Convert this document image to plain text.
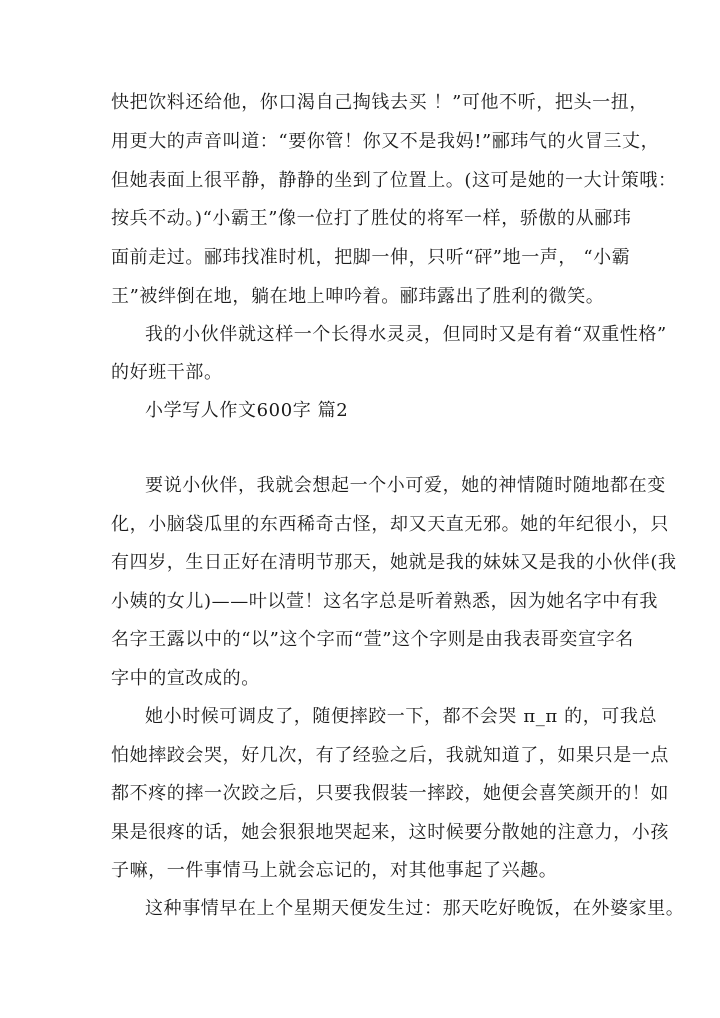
快把饮料还给他，你口渴自己掏钱去买 ！”可他不听，把头一扭，
用更大的声音叫道：“要你管！你又不是我妈!”郦玮气的火冒三丈，
但她表面上很平静，静静的坐到了位置上。(这可是她的一大计策哦：
按兵不动。)“小霸王”像一位打了胜仗的将军一样，骄傲的从郦玮
面前走过。郦玮找准时机，把脚一伸，只听“砰”地一声， “小霸
王”被绊倒在地，躺在地上呻吟着。郦玮露出了胜利的微笑。
我的小伙伴就这样一个长得水灵灵，但同时又是有着“双重性格”
的好班干部。
小学写人作文600字 篇2
要说小伙伴，我就会想起一个小可爱，她的神情随时随地都在变
化，小脑袋瓜里的东西稀奇古怪，却又天直无邪。她的年纪很小，只
有四岁，生日正好在清明节那天，她就是我的妹妹又是我的小伙伴(我
小姨的女儿)——叶以萱！这名字总是听着熟悉，因为她名字中有我
名字王露以中的“以”这个字而“萱”这个字则是由我表哥奕宣字名
字中的宣改成的。
她小时候可调皮了，随便摔跤一下，都不会哭 π_π 的，可我总
怕她摔跤会哭，好几次，有了经验之后，我就知道了，如果只是一点
都不疼的摔一次跤之后，只要我假装一摔跤，她便会喜笑颜开的！如
果是很疼的话，她会狠狠地哭起来，这时候要分散她的注意力，小孩
子嘛，一件事情马上就会忘记的，对其他事起了兴趣。
这种事情早在上个星期天便发生过：那天吃好晚饭，在外婆家里。
